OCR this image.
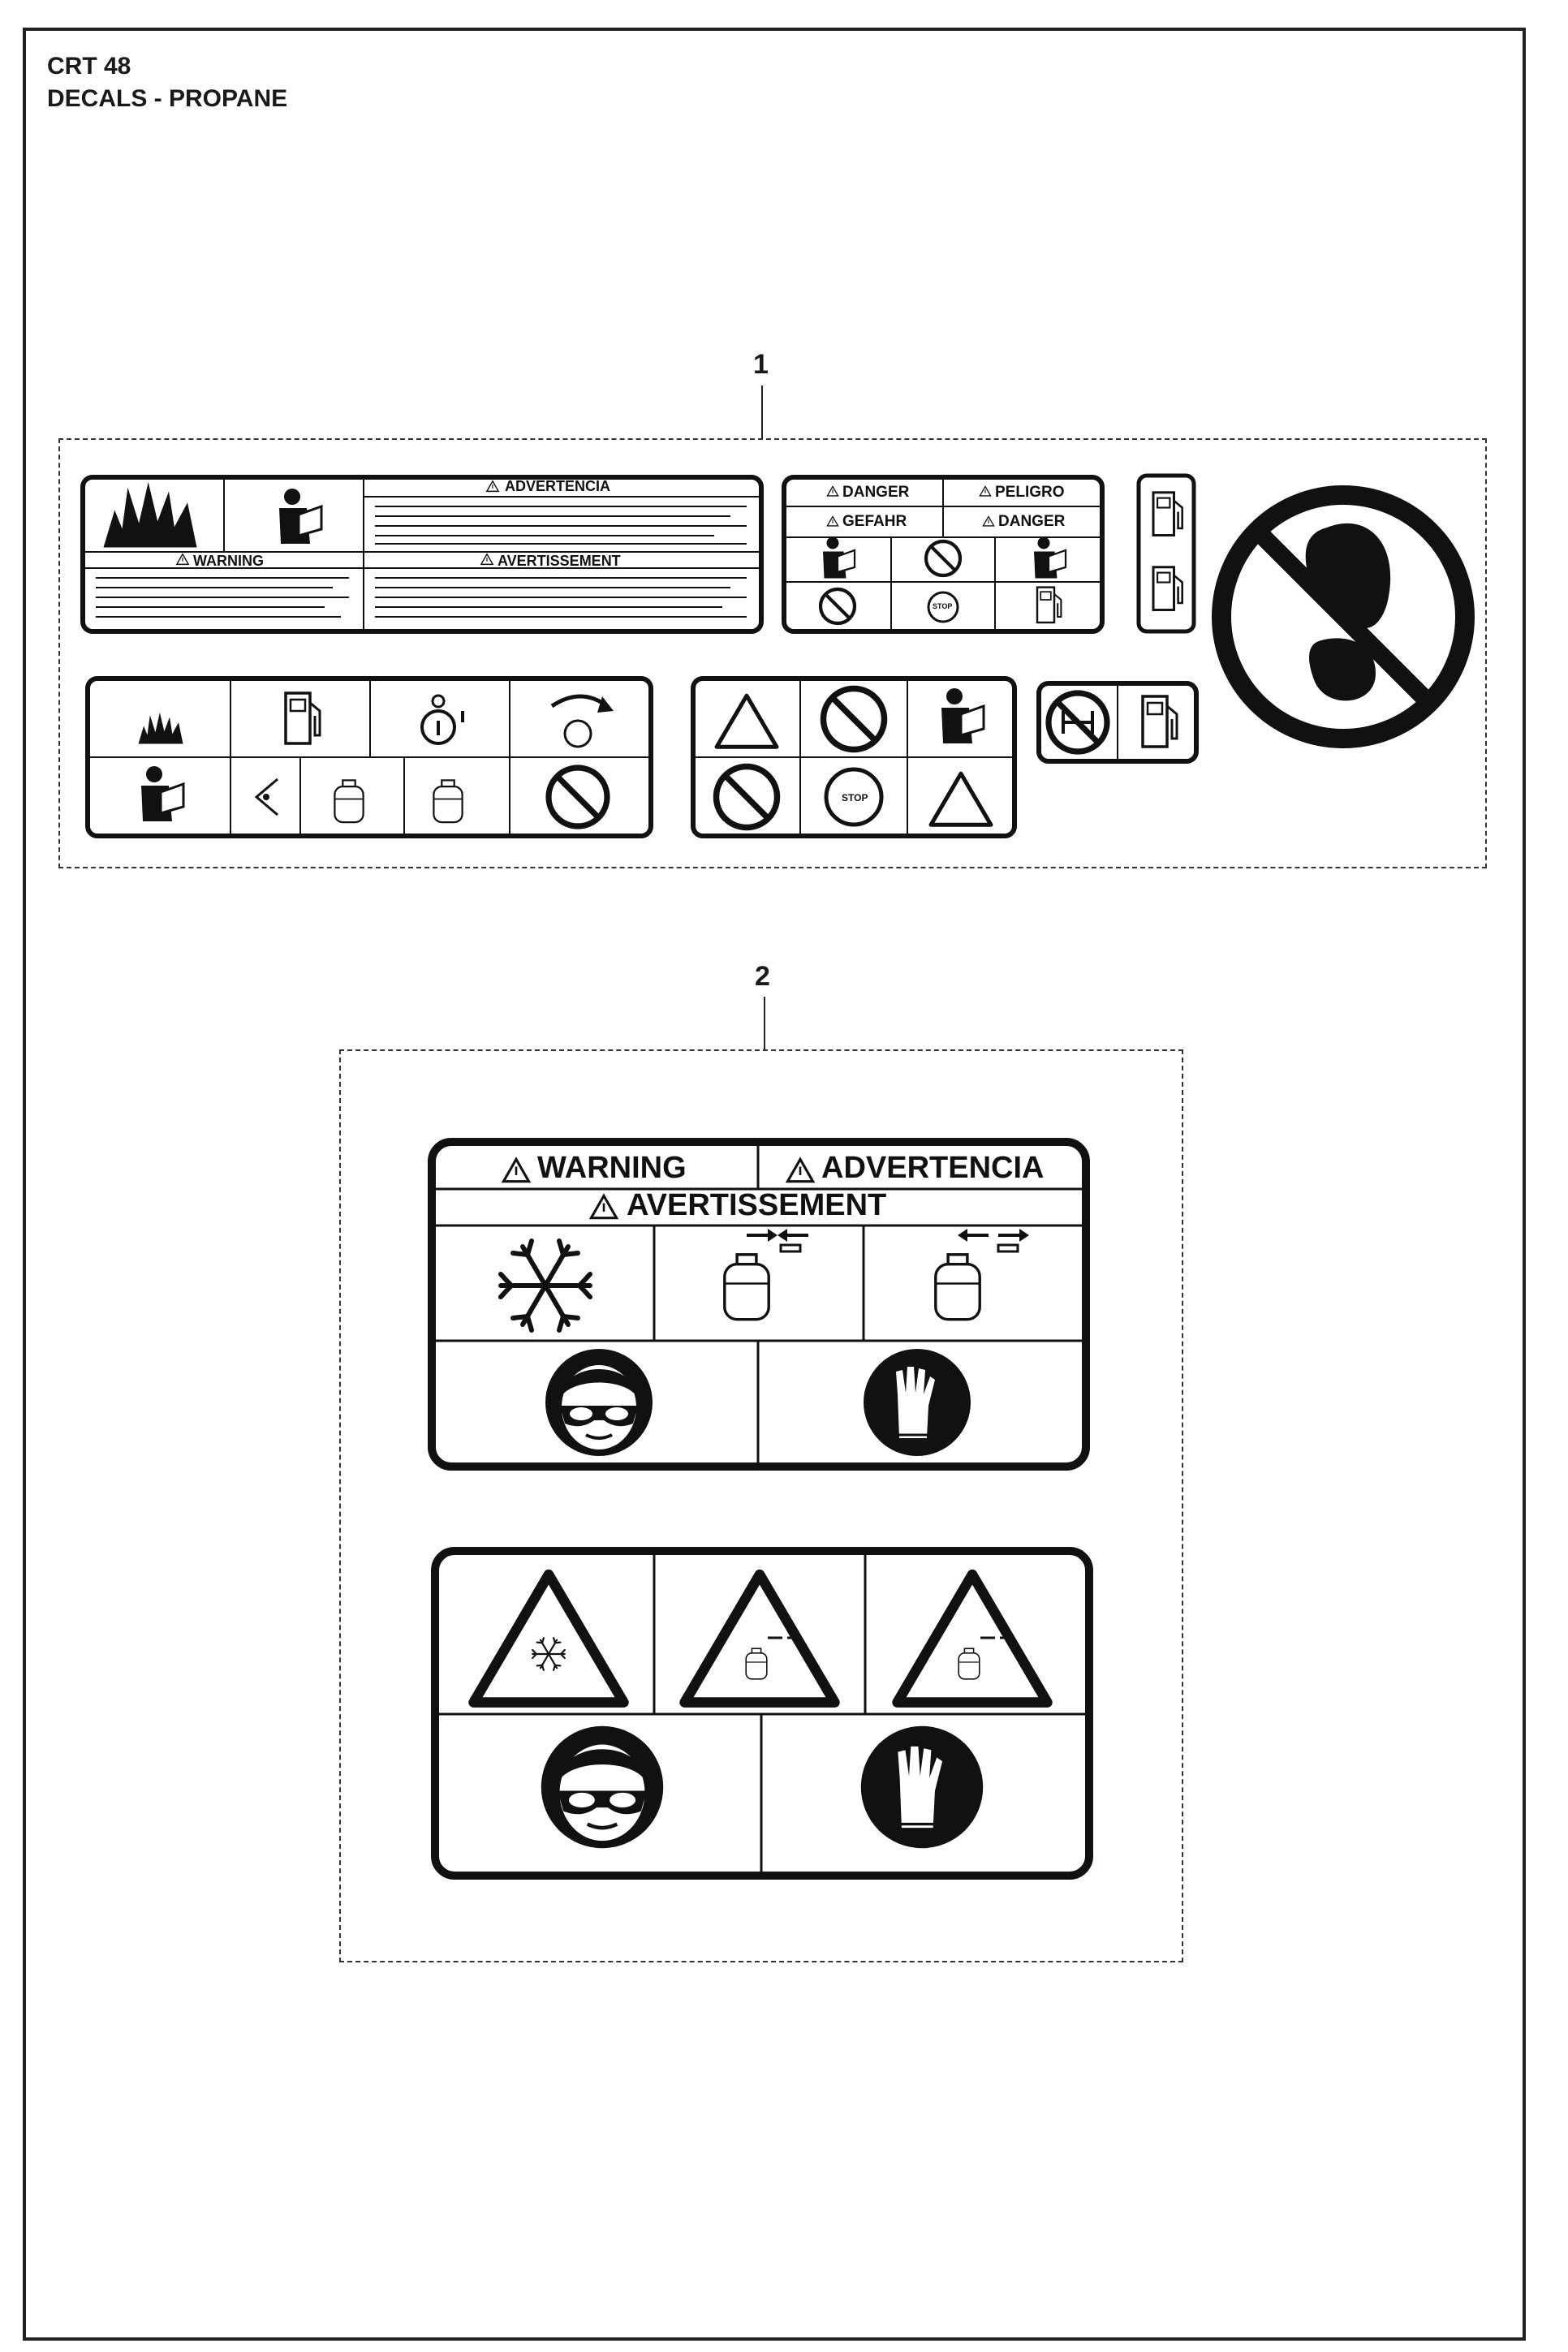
CRT 48
DECALS - PROPANE
1
2
ADVERTENCIA
WARNING	AVERTISSEMENT
DANGER	PELIGRO
GEFAHR	DANGER
STOP
STOP
WARNING	ADVERTENCIA
AVERTISSEMENT
